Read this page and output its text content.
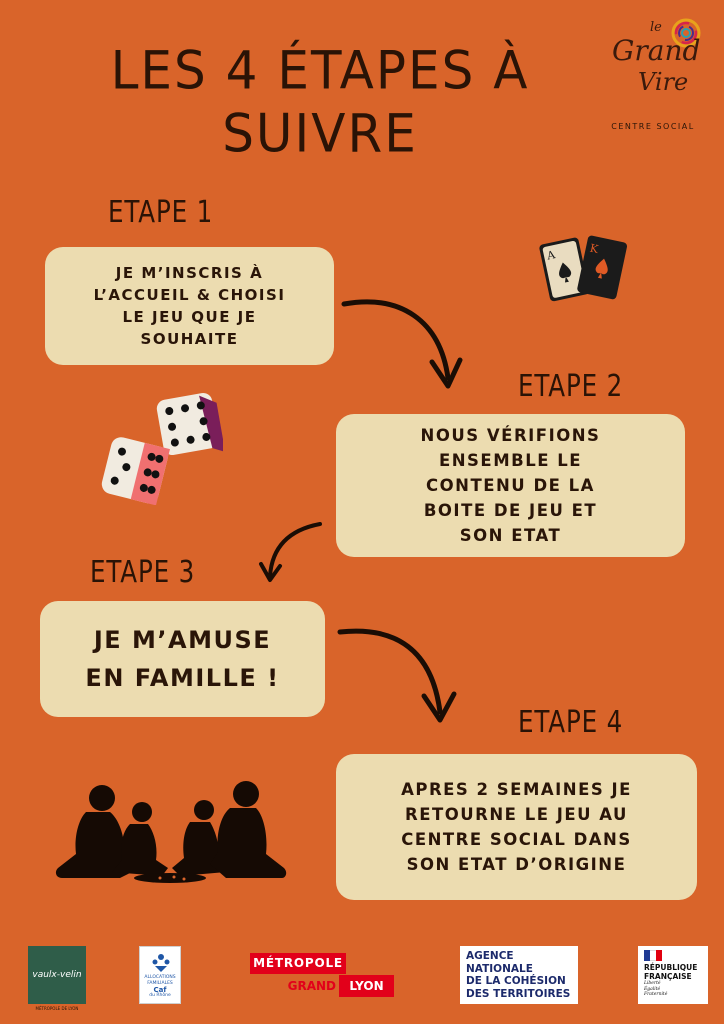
LES 4 ÉTAPES À
SUIVRE
le
Grand
Vire
CENTRE SOCIAL
ETAPE 1
JE M’INSCRIS À
L’ACCUEIL & CHOISI
LE JEU QUE JE
SOUHAITE
A	K
ETAPE 2
NOUS VÉRIFIONS
ENSEMBLE LE
CONTENU DE LA
BOITE DE JEU ET
SON ETAT
ETAPE 3
JE M’AMUSE
EN FAMILLE !
ETAPE 4
APRES 2 SEMAINES JE
RETOURNE LE JEU AU
CENTRE SOCIAL DANS
SON ETAT D’ORIGINE
vaulx-velin
MÉTROPOLE DE LYON
ALLOCATIONS
FAMILIALES
Caf
du Rhône
MÉTROPOLE
GRAND	LYON
AGENCE
NATIONALE
DE LA COHÉSION
DES TERRITOIRES
RÉPUBLIQUE
FRANÇAISE
Liberté
Égalité
Fraternité
